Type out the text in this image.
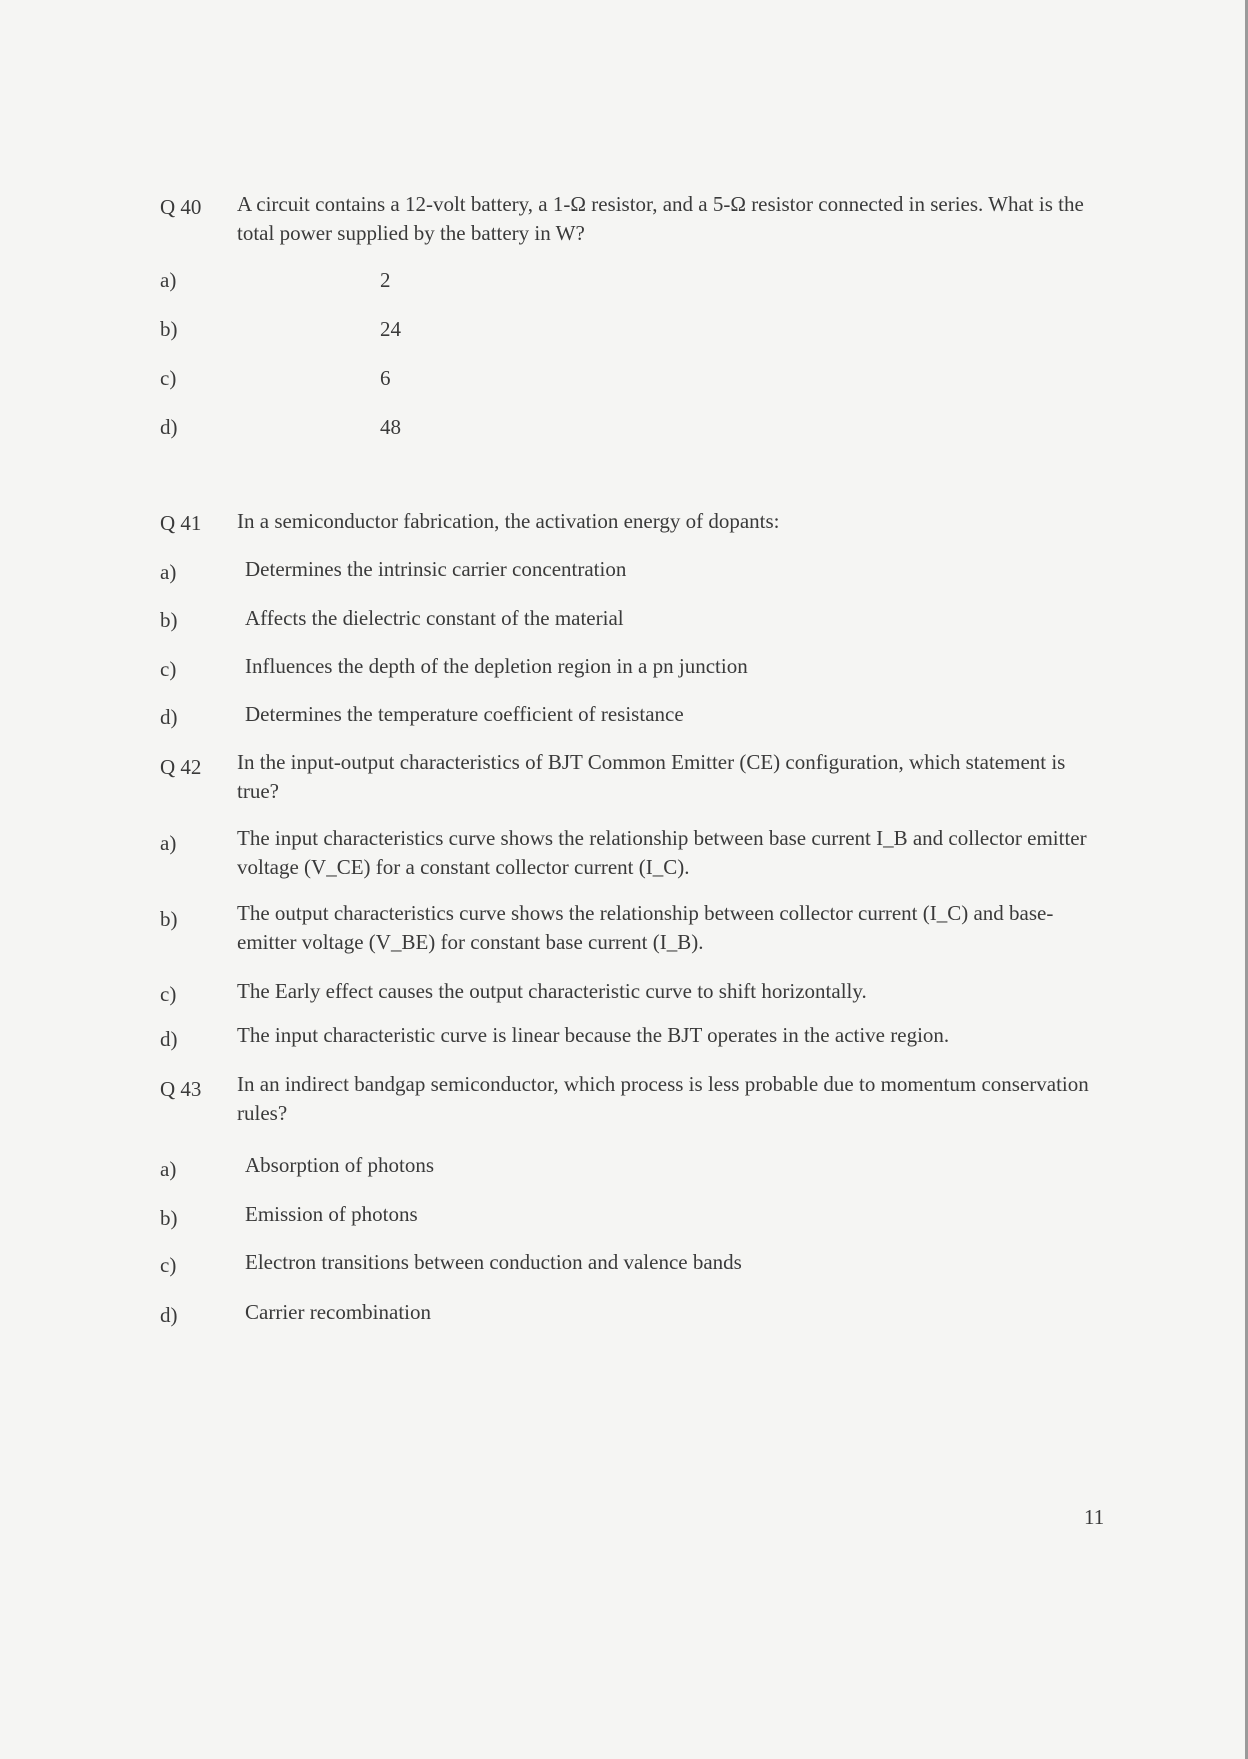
Q 40 A circuit contains a 12-volt battery, a 1-Ω resistor, and a 5-Ω resistor connected in series. What is the total power supplied by the battery in W?
a)	2
b)	24
c)	6
d)	48
Q 41 In a semiconductor fabrication, the activation energy of dopants:
a)	Determines the intrinsic carrier concentration
b)	Affects the dielectric constant of the material
c)	Influences the depth of the depletion region in a pn junction
d)	Determines the temperature coefficient of resistance
Q 42 In the input-output characteristics of BJT Common Emitter (CE) configuration, which statement is true?
a)	The input characteristics curve shows the relationship between base current I_B and collector emitter voltage (V_CE) for a constant collector current (I_C).
b)	The output characteristics curve shows the relationship between collector current (I_C) and base-emitter voltage (V_BE) for constant base current (I_B).
c)	The Early effect causes the output characteristic curve to shift horizontally.
d)	The input characteristic curve is linear because the BJT operates in the active region.
Q 43 In an indirect bandgap semiconductor, which process is less probable due to momentum conservation rules?
a)	Absorption of photons
b)	Emission of photons
c)	Electron transitions between conduction and valence bands
d)	Carrier recombination
11
